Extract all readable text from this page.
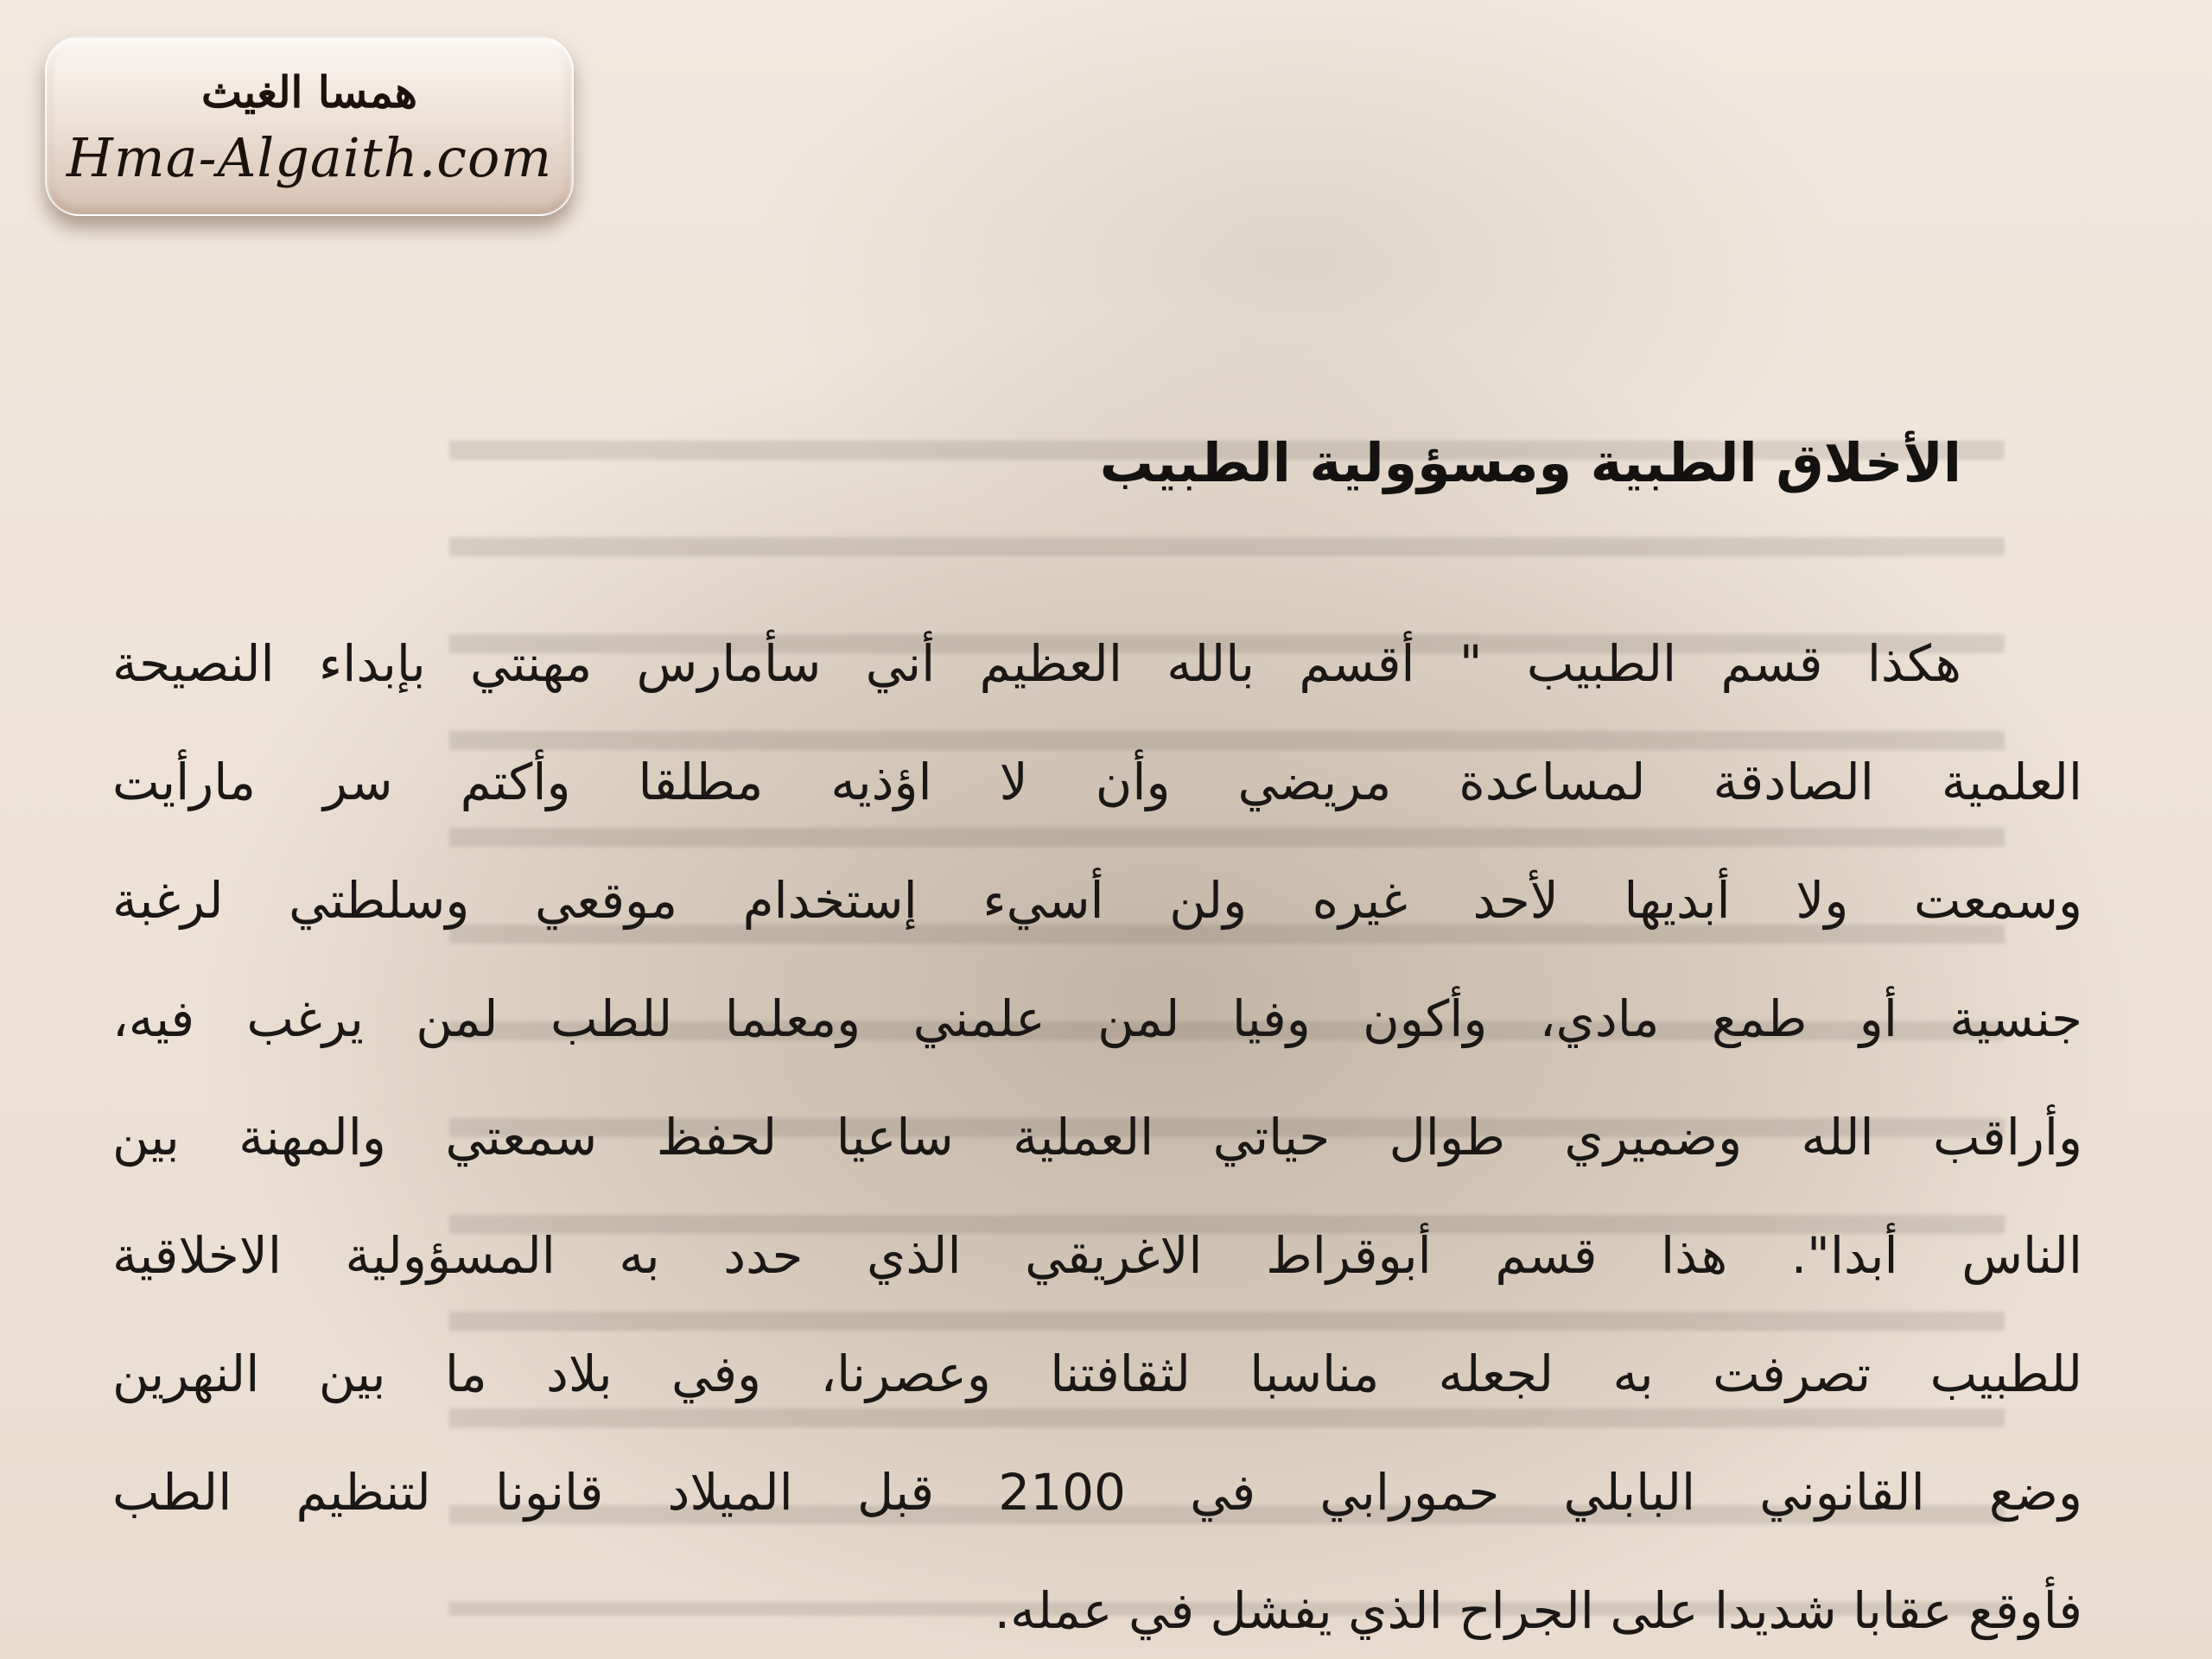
همسا الغيث
Hma-Algaith.com
الأخلاق الطبية ومسؤولية الطبيب
هكذا قسم الطبيب " أقسم بالله العظيم أني سأمارس مهنتي بإبداء النصيحة
العلمية الصادقة لمساعدة مريضي وأن لا اؤذيه مطلقا وأكتم سر مارأيت
وسمعت ولا أبديها لأحد غيره ولن أسيء إستخدام موقعي وسلطتي لرغبة
جنسية أو طمع مادي، وأكون وفيا لمن علمني ومعلما للطب لمن يرغب فيه،
وأراقب الله وضميري طوال حياتي العملية ساعيا لحفظ سمعتي والمهنة بين
الناس أبدا". هذا قسم أبوقراط الاغريقي الذي حدد به المسؤولية الاخلاقية
للطبيب تصرفت به لجعله مناسبا لثقافتنا وعصرنا، وفي بلاد ما بين النهرين
وضع القانوني البابلي حمورابي في 2100 قبل الميلاد قانونا لتنظيم الطب
فأوقع عقابا شديدا على الجراح الذي يفشل في عمله.
